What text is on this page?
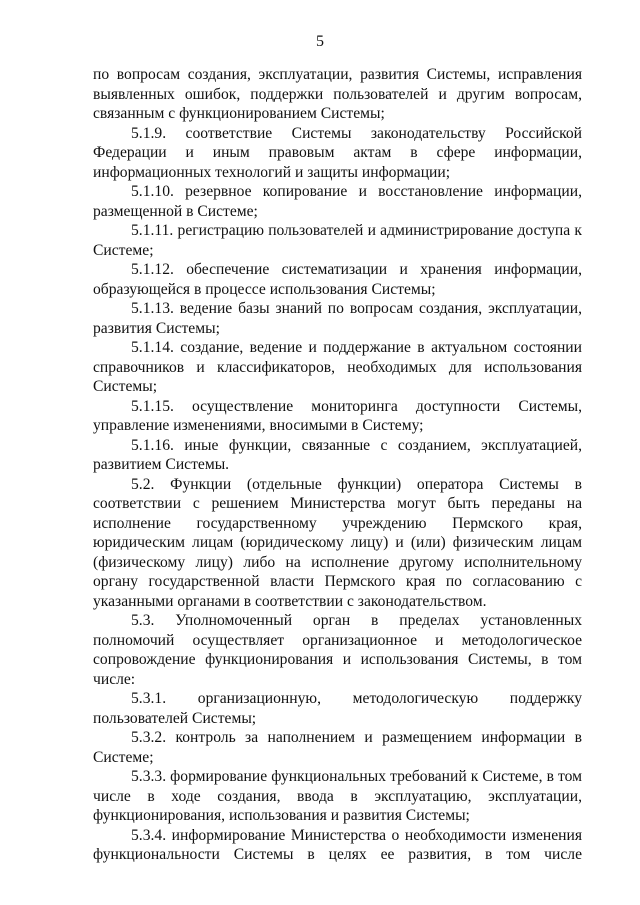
5

по вопросам создания, эксплуатации, развития Системы, исправления выявленных ошибок, поддержки пользователей и другим вопросам, связанным с функционированием Системы;

5.1.9. соответствие Системы законодательству Российской Федерации и иным правовым актам в сфере информации, информационных технологий и защиты информации;

5.1.10. резервное копирование и восстановление информации, размещенной в Системе;

5.1.11. регистрацию пользователей и администрирование доступа к Системе;

5.1.12. обеспечение систематизации и хранения информации, образующейся в процессе использования Системы;

5.1.13. ведение базы знаний по вопросам создания, эксплуатации, развития Системы;

5.1.14. создание, ведение и поддержание в актуальном состоянии справочников и классификаторов, необходимых для использования Системы;

5.1.15. осуществление мониторинга доступности Системы, управление изменениями, вносимыми в Систему;

5.1.16. иные функции, связанные с созданием, эксплуатацией, развитием Системы.

5.2. Функции (отдельные функции) оператора Системы в соответствии с решением Министерства могут быть переданы на исполнение государственному учреждению Пермского края, юридическим лицам (юридическому лицу) и (или) физическим лицам (физическому лицу) либо на исполнение другому исполнительному органу государственной власти Пермского края по согласованию с указанными органами в соответствии с законодательством.

5.3. Уполномоченный орган в пределах установленных полномочий осуществляет организационное и методологическое сопровождение функционирования и использования Системы, в том числе:

5.3.1. организационную, методологическую поддержку пользователей Системы;

5.3.2. контроль за наполнением и размещением информации в Системе;

5.3.3. формирование функциональных требований к Системе, в том числе в ходе создания, ввода в эксплуатацию, эксплуатации, функционирования, использования и развития Системы;

5.3.4. информирование Министерства о необходимости изменения функциональности Системы в целях ее развития, в том числе
